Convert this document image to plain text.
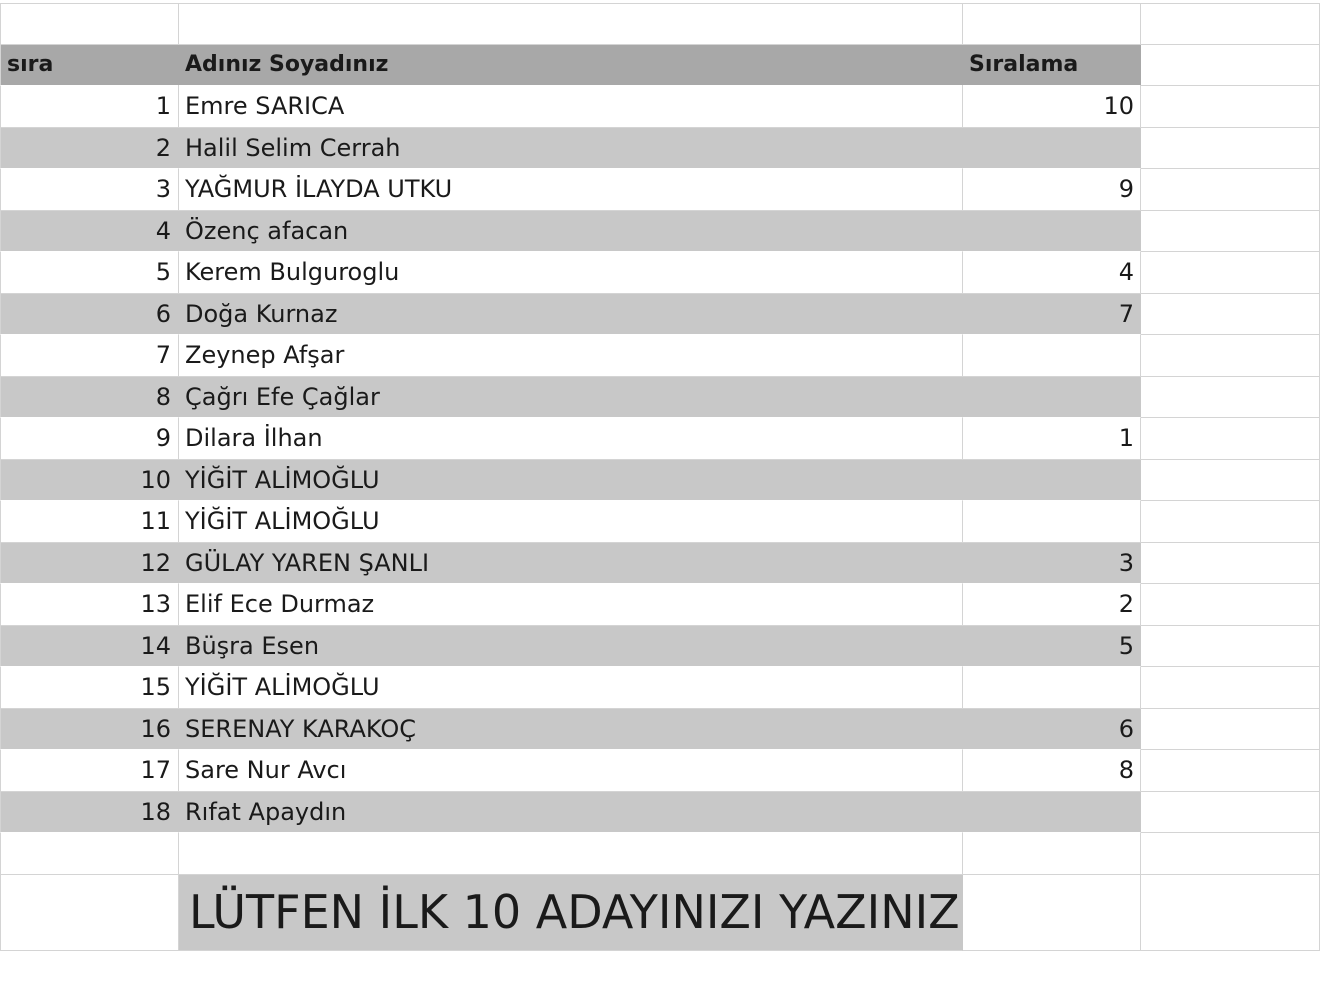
sıra	Adınız Soyadınız	Sıralama
1 Emre SARICA	10
2 Halil Selim Cerrah
3 YAĞMUR İLAYDA UTKU	9
4 Özenç afacan
5 Kerem Bulguroglu	4
6 Doğa Kurnaz	7
7 Zeynep Afşar
8 Çağrı Efe Çağlar
9 Dilara İlhan	1
10 YİĞİT ALİMOĞLU
11 YİĞİT ALİMOĞLU
12 GÜLAY YAREN ŞANLI	3
13 Elif Ece Durmaz	2
14 Büşra Esen	5
15 YİĞİT ALİMOĞLU
16 SERENAY KARAKOÇ	6
17 Sare Nur Avcı	8
18 Rıfat Apaydın
LÜTFEN İLK 10 ADAYINIZI YAZINIZ
